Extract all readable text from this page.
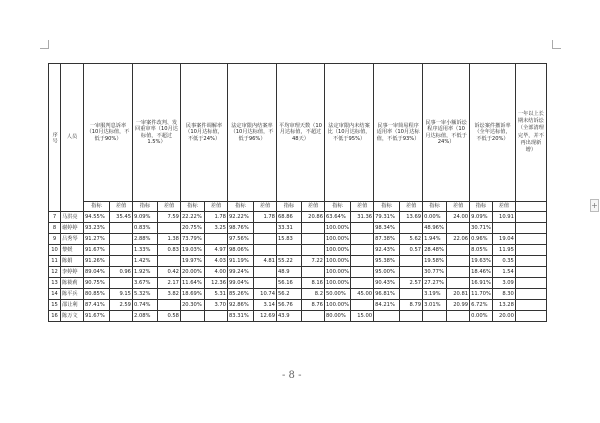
序号	人员	一审服判息诉率（10月达标值，不低于90%）		一审案件改判、发回重审率（10月达标值，不超过1.5%）		民事案件调解率（10月达标值，不低于24%）		法定审限内结案率（10月达标值，不低于96%）		平均审理天数（10月达标值，不超过48天）		法定审限内未结案比（10月达标值，不低于95%）		民事一审简易程序适用率（10月达标值，不低于93%）		民事一审小额诉讼程序适用率（10月达标值，不低于24%）		诉讼案件撤诉率（全年达标值，不低于20%）		一年以上长期未结诉讼（全部清理完毕，并不再出现新增）
		指标	差值	指标	差值	指标	差值	指标	差值	指标	差值	指标	差值	指标	差值	指标	差值	指标	差值	
7	马洪亮	94.55%	35.45	9.09%	7.59	22.22%	1.78	92.22%	1.78	68.86	20.86	63.64%	31.36	79.31%	13.69	0.00%	24.00	9.09%	10.91	
8	谢婷婷	93.23%		0.83%		20.75%	3.25	98.76%		33.31		100.00%		98.34%		48.96%		30.71%		
9	吕秀琴	91.27%		2.88%	1.38	73.79%		97.56%		15.83		100.00%		87.38%	5.62	1.94%	22.06	0.96%	19.04	
10	黎媛	91.67%		1.33%	0.83	19.03%	4.97	98.06%				100.00%		92.43%	0.57	28.48%		8.05%	11.95	
11	陈娟	91.26%		1.42%		19.97%	4.03	91.19%	4.81	55.22	7.22	100.00%		95.38%		19.58%		19.63%	0.35	
12	李婷婷	89.04%	0.96	1.92%	0.42	20.00%	4.00	99.24%		48.9		100.00%		95.00%		30.77%		18.46%	1.54	
13	陈筱莉	90.75%		3.67%	2.17	11.64%	12.36	99.04%		56.16	8.16	100.00%		90.43%	2.57	27.27%		16.91%	3.09	
14	陈平兵	80.85%	9.15	5.32%	3.82	18.69%	5.31	85.26%	10.74	56.2	8.2	50.00%	45.00	96.81%		3.19%	20.81	11.70%	8.30	
15	邵让利	87.41%	2.59	0.74%		20.30%	3.70	92.86%	3.14	56.76	8.76	100.00%		84.21%	8.79	3.01%	20.99	6.72%	13.28	
16	陈万文	91.67%		2.08%	0.58			83.31%	12.69	43.9		80.00%	15.00					0.00%	20.00	
+
- 8 -
